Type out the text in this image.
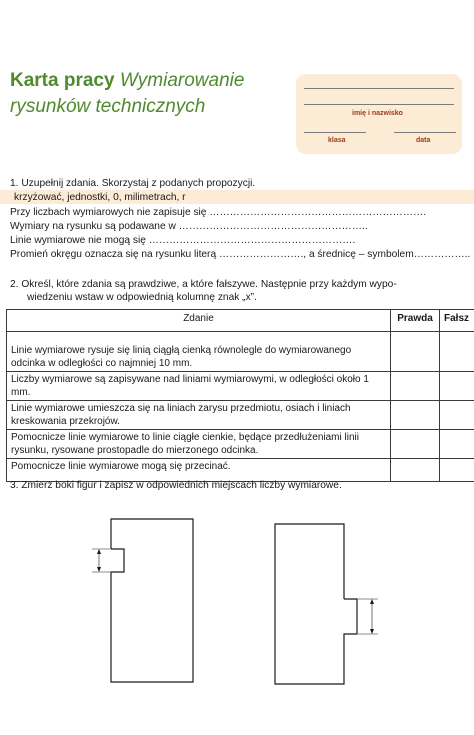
Karta pracy Wymiarowanie
rysunków technicznych	imię i nazwisko
klasa	data
1. Uzupełnij zdania. Skorzystaj z podanych propozycji.
krzyżować, jednostki, 0, milimetrach, r
Przy liczbach wymiarowych nie zapisuje się ……………………………………………………….
Wymiary na rysunku są podawane w ………………………………………………..
Linie wymiarowe nie mogą się …………………………………………………….
Promień okręgu oznacza się na rysunku literą ……………………., a średnicę – symbolem……………..
2. Określ, które zdania są prawdziwe, a które fałszywe. Następnie przy każdym wypo-
wiedzeniu wstaw w odpowiednią kolumnę znak „x”.
Zdanie	Prawda	Fałsz
Linie wymiarowe rysuje się linią ciągłą cienką równolegle do wymiarowanego odcinka w odległości co najmniej 10 mm.		
Liczby wymiarowe są zapisywane nad liniami wymiarowymi, w odległości około 1 mm.		
Linie wymiarowe umieszcza się na liniach zarysu przedmiotu, osiach i liniach kreskowania przekrojów.		
Pomocnicze linie wymiarowe to linie ciągłe cienkie, będące przedłużeniami linii rysunku, rysowane prostopadle do mierzonego odcinka.		
Pomocnicze linie wymiarowe mogą się przecinać.		
3. Zmierz boki figur i zapisz w odpowiednich miejscach liczby wymiarowe.
